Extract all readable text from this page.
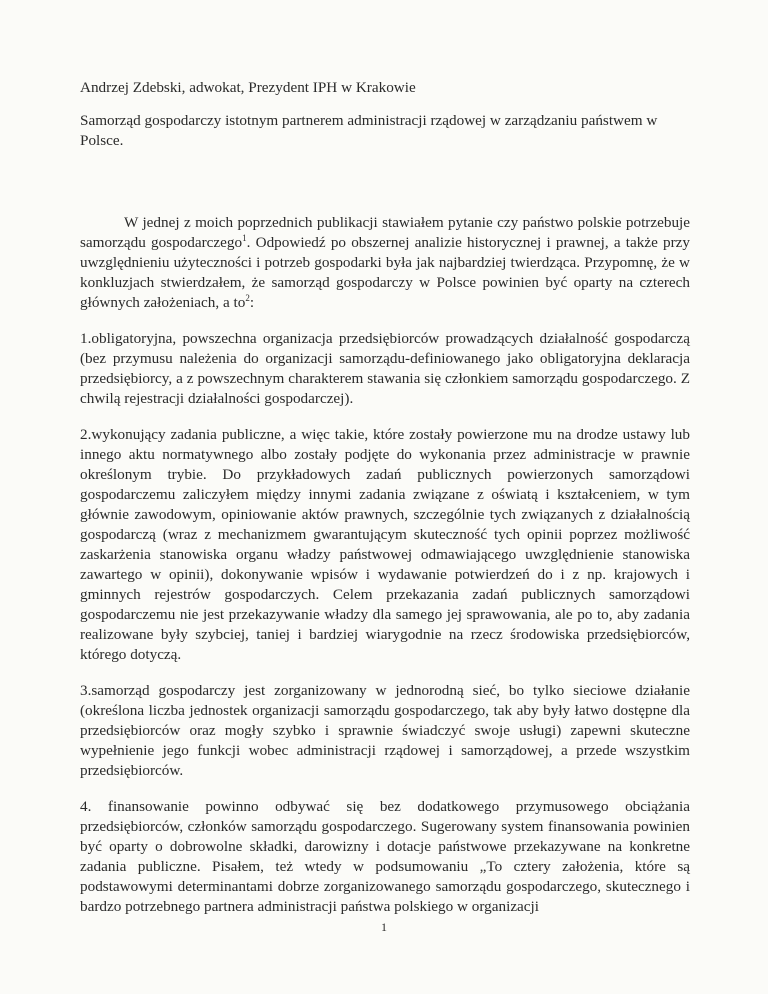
Andrzej Zdebski, adwokat, Prezydent IPH w Krakowie

Samorząd gospodarczy istotnym partnerem administracji rządowej w zarządzaniu państwem w Polsce.

W jednej z moich poprzednich publikacji stawiałem pytanie czy państwo polskie potrzebuje samorządu gospodarczego$^1$. Odpowiedź po obszernej analizie historycznej i prawnej, a także przy uwzględnieniu użyteczności i potrzeb gospodarki była jak najbardziej twierdząca. Przypomnę, że w konkluzjach stwierdzałem, że samorząd gospodarczy w Polsce powinien być oparty na czterech głównych założeniach, a $to^2$:

1.obligatoryjna, powszechna organizacja przedsiębiorców prowadzących działalność gospodarczą (bez przymusu należenia do organizacji samorządu-definiowanego jako obligatoryjna deklaracja przedsiębiorcy, a z powszechnym charakterem stawania się członkiem samorządu gospodarczego. Z chwilą rejestracji działalności gospodarczej).

2.wykonujący zadania publiczne, a więc takie, które zostały powierzone mu na drodze ustawy lub innego aktu normatywnego albo zostały podjęte do wykonania przez administracje w prawnie określonym trybie. Do przykładowych zadań publicznych powierzonych samorządowi gospodarczemu zaliczyłem między innymi zadania związane z oświatą i kształceniem, w tym głównie zawodowym, opiniowanie aktów prawnych, szczególnie tych związanych z działalnością gospodarczą (wraz z mechanizmem gwarantującym skuteczność tych opinii poprzez możliwość zaskarżenia stanowiska organu władzy państwowej odmawiającego uwzględnienie stanowiska zawartego w opinii), dokonywanie wpisów i wydawanie potwierdzeń do i z np. krajowych i gminnych rejestrów gospodarczych. Celem przekazania zadań publicznych samorządowi gospodarczemu nie jest przekazywanie władzy dla samego jej sprawowania, ale po to, aby zadania realizowane były szybciej, taniej i bardziej wiarygodnie na rzecz środowiska przedsiębiorców, którego dotyczą.

3.samorząd gospodarczy jest zorganizowany w jednorodną sieć, bo tylko sieciowe działanie (określona liczba jednostek organizacji samorządu gospodarczego, tak aby były łatwo dostępne dla przedsiębiorców oraz mogły szybko i sprawnie świadczyć swoje usługi) zapewni skuteczne wypełnienie jego funkcji wobec administracji rządowej i samorządowej, a przede wszystkim przedsiębiorców.

4. finansowanie powinno odbywać się bez dodatkowego przymusowego obciążania przedsiębiorców, członków samorządu gospodarczego. Sugerowany system finansowania powinien być oparty o dobrowolne składki, darowizny i dotacje państwowe przekazywane na konkretne zadania publiczne. Pisałem, też wtedy w podsumowaniu „To cztery założenia, które są podstawowymi determinantami dobrze zorganizowanego samorządu gospodarczego, skutecznego i bardzo potrzebnego partnera administracji państwa polskiego w organizacji

1
